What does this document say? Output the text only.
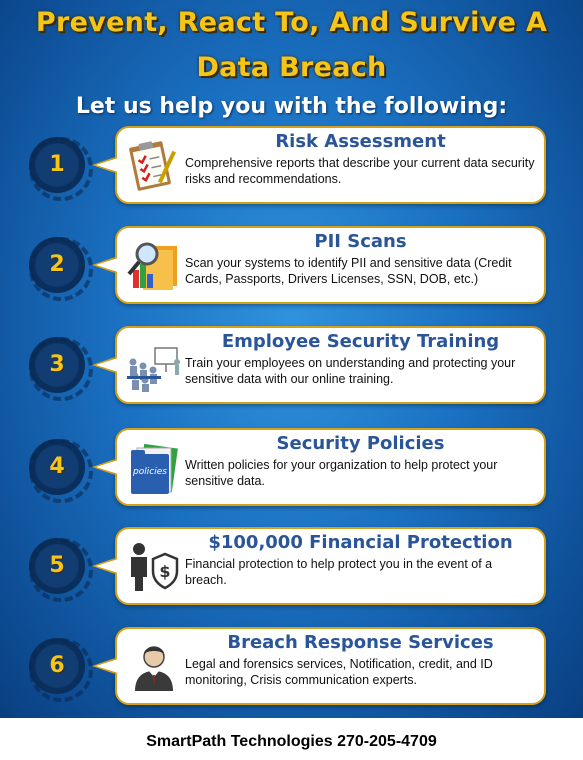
Prevent, React To, And Survive A
Data Breach
Let us help you with the following:
1
Risk Assessment
Comprehensive reports that describe your current data security risks and recommendations.
2
PII Scans
Scan your systems to identify PII and sensitive data (Credit Cards, Passports, Drivers Licenses, SSN, DOB, etc.)
3
Employee Security Training
Train your employees on understanding and protecting your sensitive data with our online training.
4	policies
Security Policies
Written policies for your organization to help protect your sensitive data.
5	$
$100,000 Financial Protection
Financial protection to help protect you in the event of a breach.
6
Breach Response Services
Legal and forensics services, Notification, credit, and ID monitoring, Crisis communication experts.
SmartPath Technologies 270-205-4709
